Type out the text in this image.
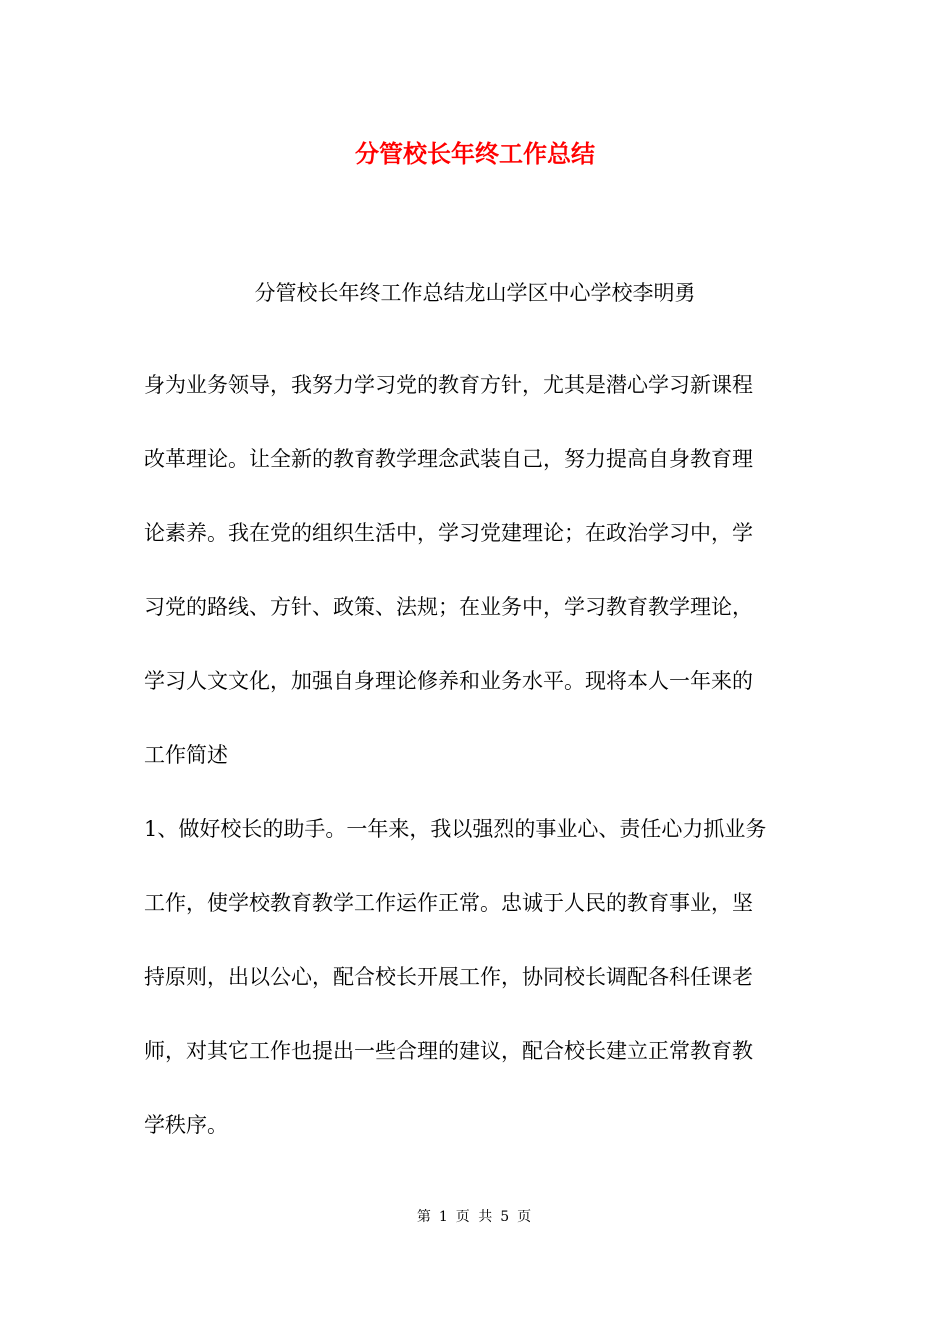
分管校长年终工作总结
分管校长年终工作总结龙山学区中心学校李明勇
身为业务领导，我努力学习党的教育方针，尤其是潜心学习新课程
改革理论。让全新的教育教学理念武装自己，努力提高自身教育理
论素养。我在党的组织生活中，学习党建理论；在政治学习中，学
习党的路线、方针、政策、法规；在业务中，学习教育教学理论，
学习人文文化，加强自身理论修养和业务水平。现将本人一年来的
工作简述
1、做好校长的助手。一年来，我以强烈的事业心、责任心力抓业务
工作，使学校教育教学工作运作正常。忠诚于人民的教育事业，坚
持原则，出以公心，配合校长开展工作，协同校长调配各科任课老
师，对其它工作也提出一些合理的建议，配合校长建立正常教育教
学秩序。
第 1 页 共 5 页
